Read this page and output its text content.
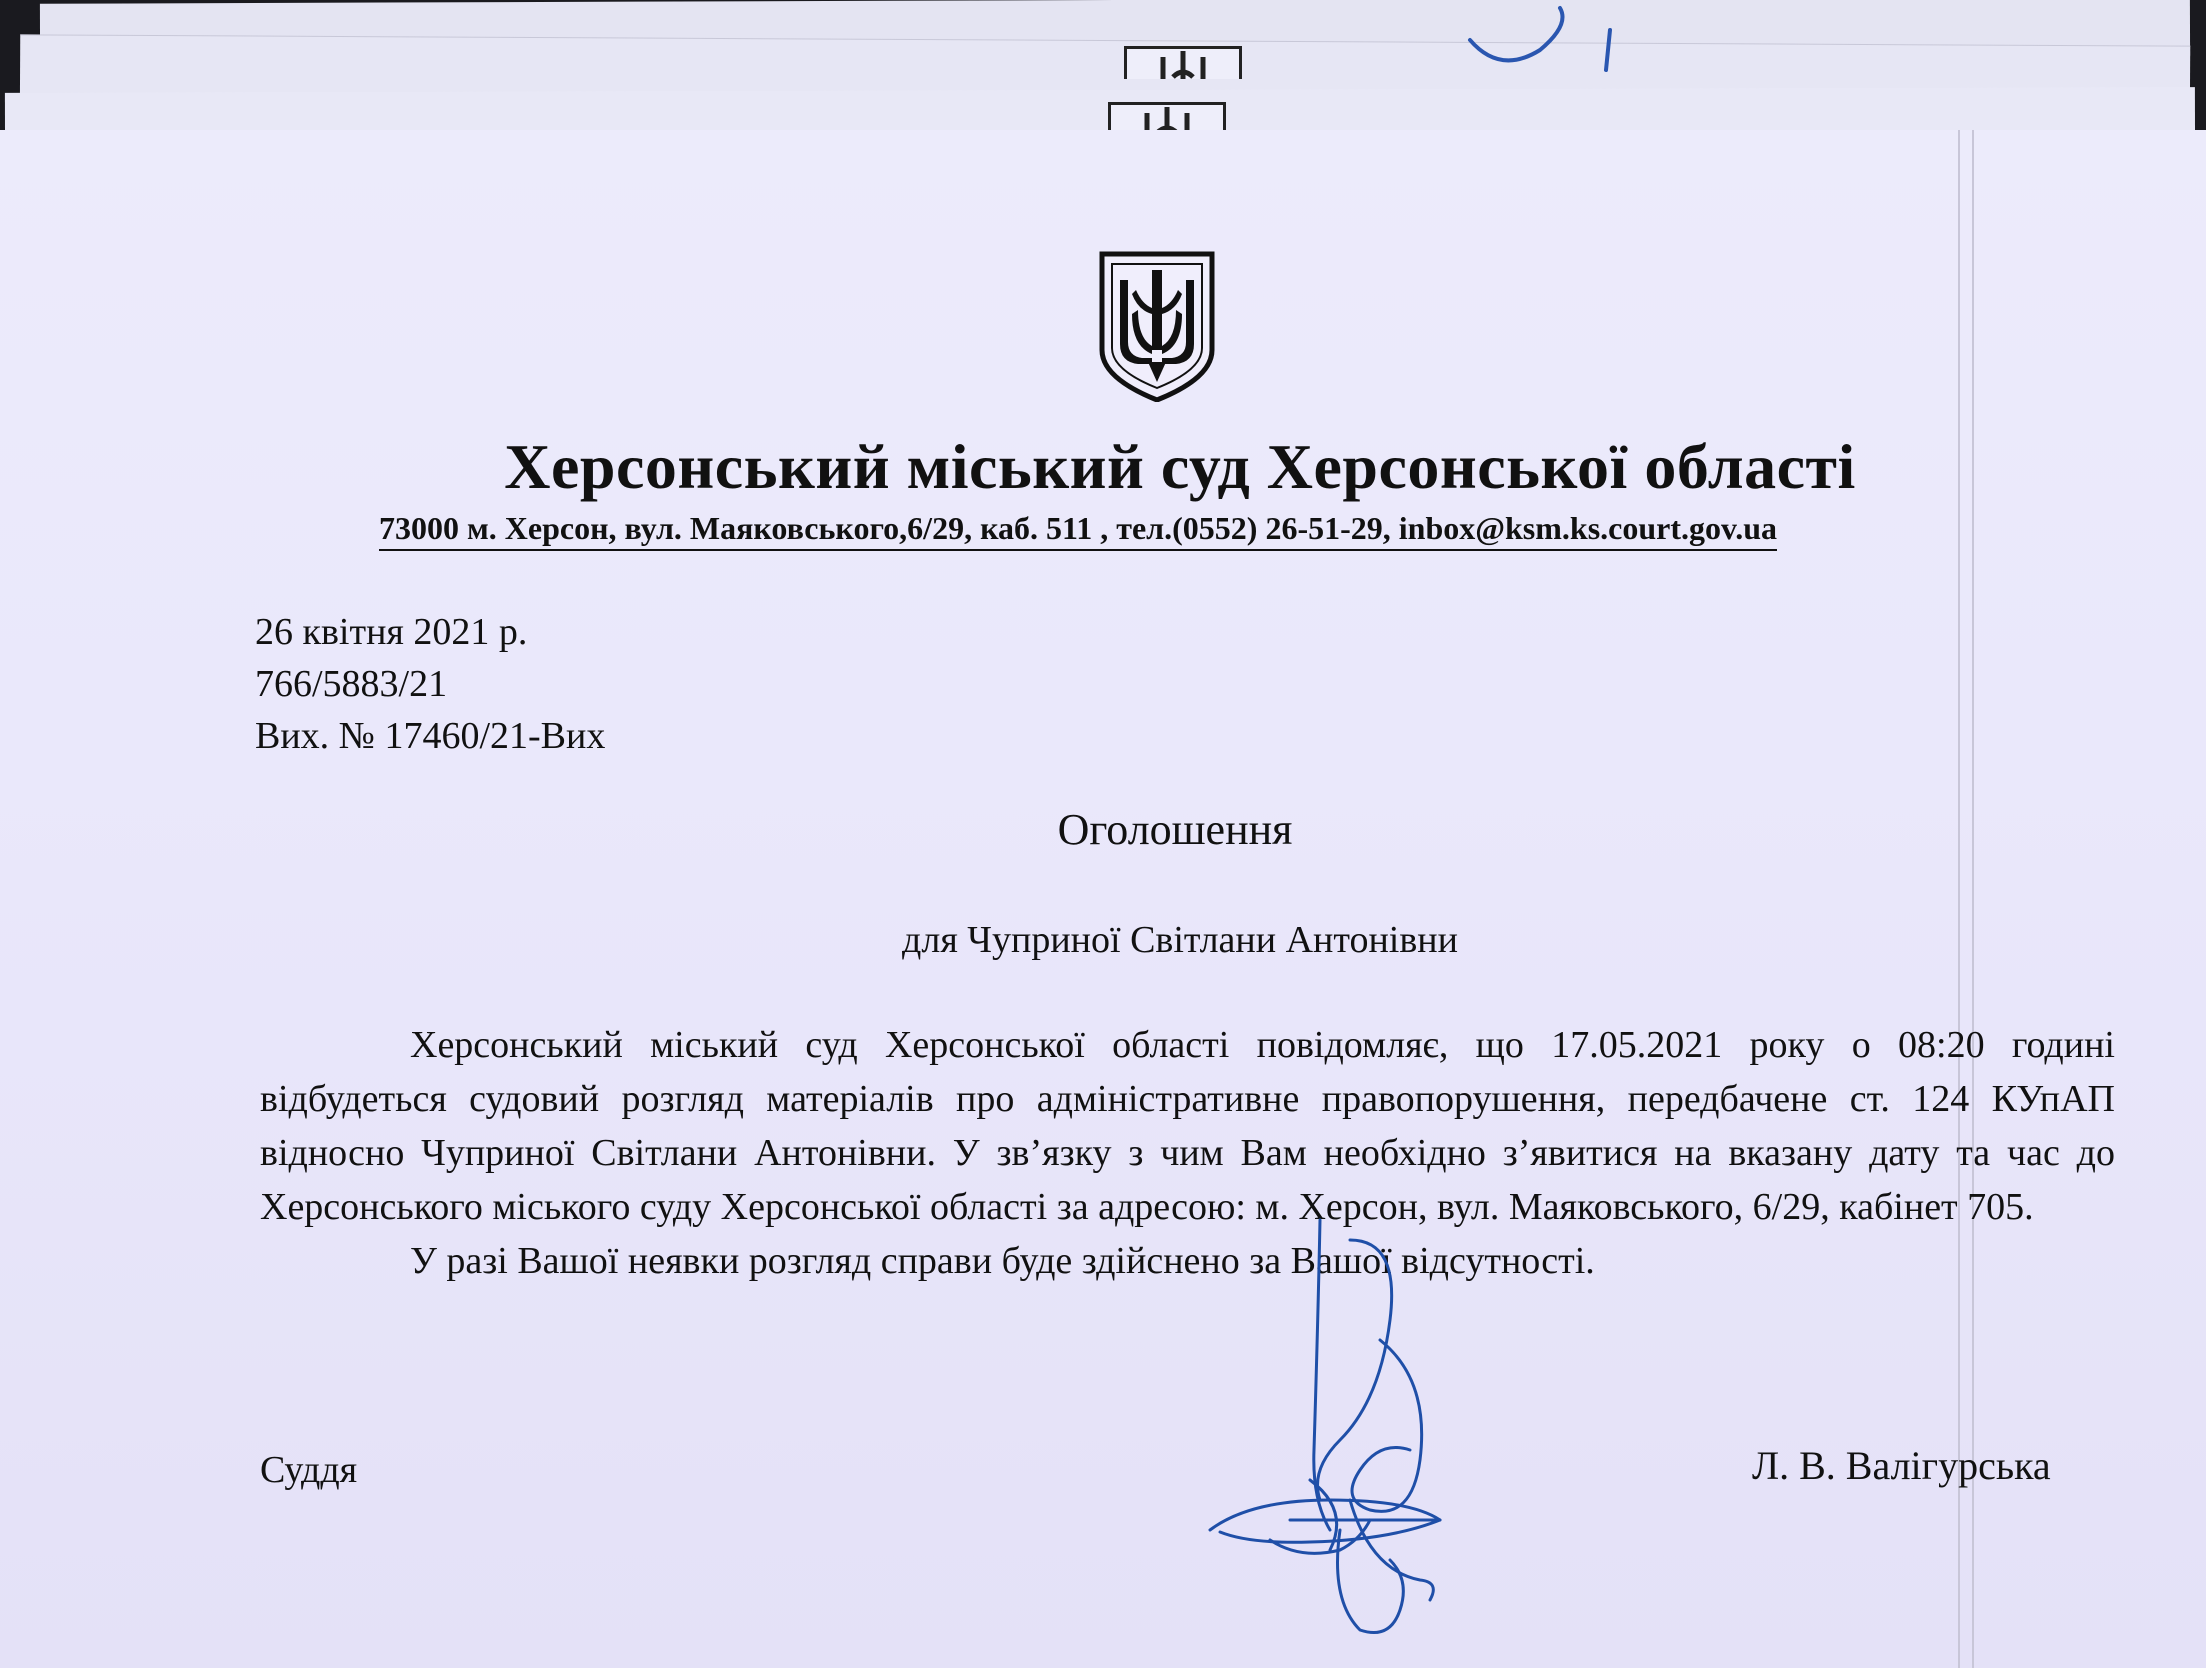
Херсонський міський суд Херсонської області
73000 м. Херсон, вул. Маяковського,6/29, каб. 511 , тел.(0552) 26-51-29, inbox@ksm.ks.court.gov.ua
26 квітня 2021 р.
766/5883/21
Вих. № 17460/21-Вих
Оголошення
для Чуприної Світлани Антонівни

Херсонський міський суд Херсонської області повідомляє, що 17.05.2021 року о 08:20 годині відбудеться судовий розгляд матеріалів про адміністративне правопорушення, передбачене ст. 124 КУпАП відносно Чуприної Світлани Антонівни. У зв’язку з чим Вам необхідно з’явитися на вказану дату та час до Херсонського міського суду Херсонської області за адресою: м. Херсон, вул. Маяковського, 6/29, кабінет 705.

У разі Вашої неявки розгляд справи буде здійснено за Вашої відсутності.

Суддя	Л. В. Валігурська
